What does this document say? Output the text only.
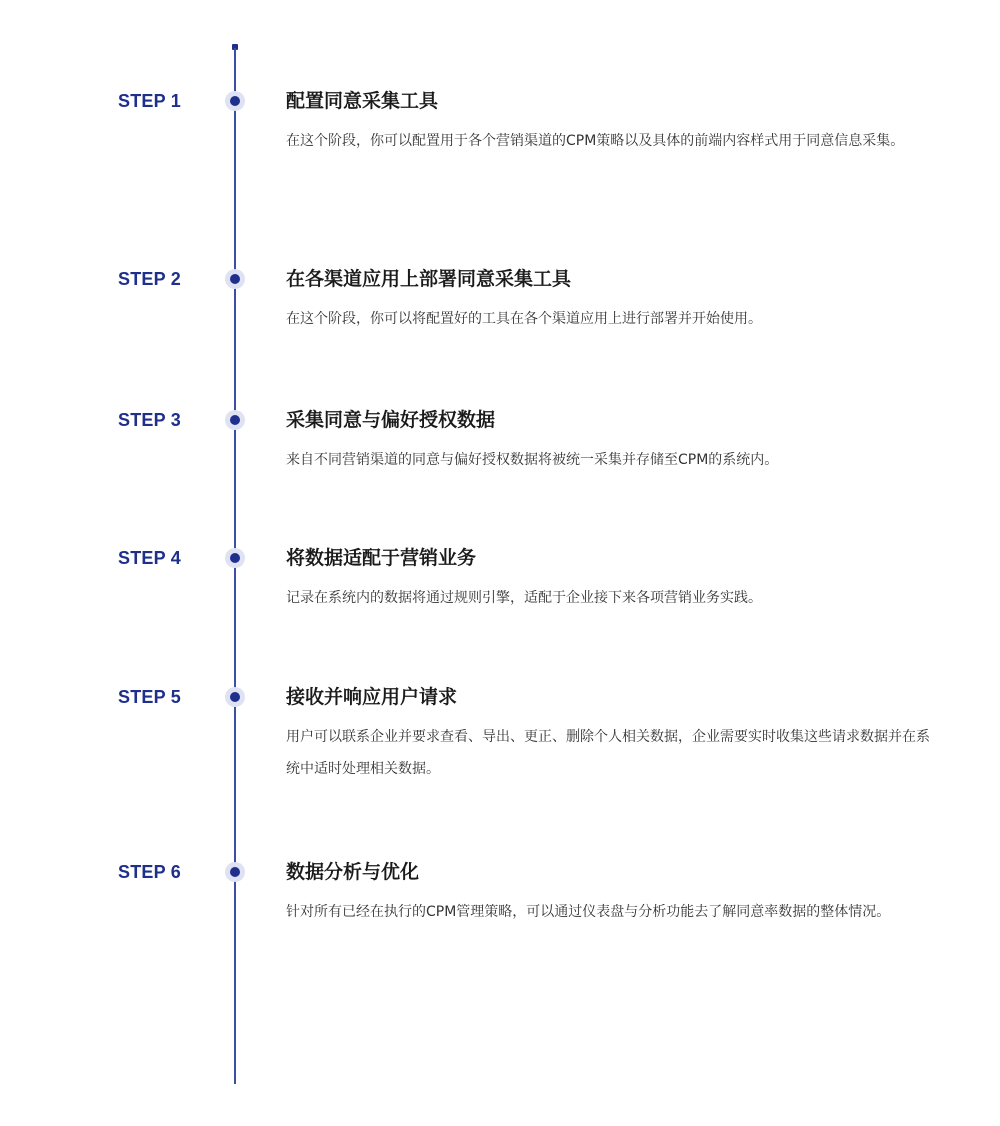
STEP 1	配置同意采集工具
在这个阶段，你可以配置用于各个营销渠道的CPM策略以及具体的前端内容样式用于同意信息采集。
STEP 2	在各渠道应用上部署同意采集工具
在这个阶段，你可以将配置好的工具在各个渠道应用上进行部署并开始使用。
STEP 3	采集同意与偏好授权数据
来自不同营销渠道的同意与偏好授权数据将被统一采集并存储至CPM的系统内。
STEP 4	将数据适配于营销业务
记录在系统内的数据将通过规则引擎，适配于企业接下来各项营销业务实践。
STEP 5	接收并响应用户请求
用户可以联系企业并要求查看、导出、更正、删除个人相关数据，企业需要实时收集这些请求数据并在系统中适时处理相关数据。
STEP 6	数据分析与优化
针对所有已经在执行的CPM管理策略，可以通过仪表盘与分析功能去了解同意率数据的整体情况。
